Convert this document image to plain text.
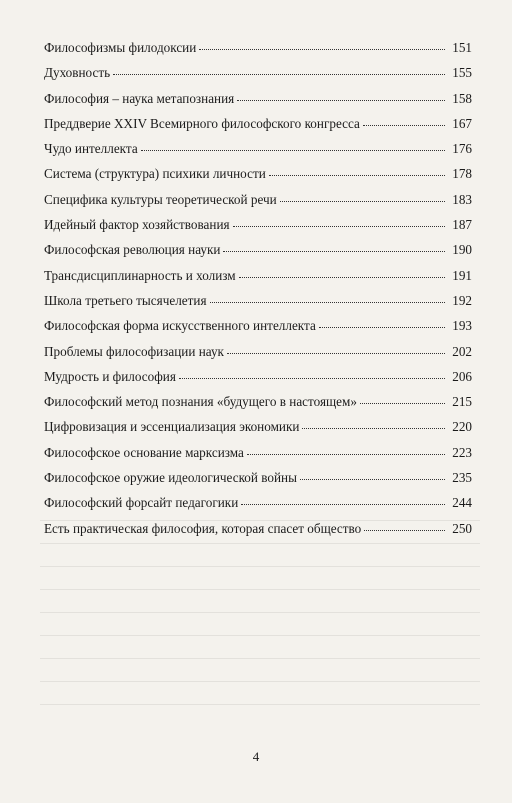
Философизмы филодоксии	151
Духовность	155
Философия – наука метапознания	158
Преддверие XXIV Всемирного философского конгресса	167
Чудо интеллекта	176
Система (структура) психики личности	178
Специфика культуры теоретической речи	183
Идейный фактор хозяйствования	187
Философская революция науки	190
Трансдисциплинарность и холизм	191
Школа третьего тысячелетия	192
Философская форма искусственного интеллекта	193
Проблемы философизации наук	202
Мудрость и философия	206
Философский метод познания «будущего в настоящем»	215
Цифровизация и эссенциализация экономики	220
Философское основание марксизма	223
Философское оружие идеологической войны	235
Философский форсайт педагогики	244
Есть практическая философия, которая спасет общество	250
4
